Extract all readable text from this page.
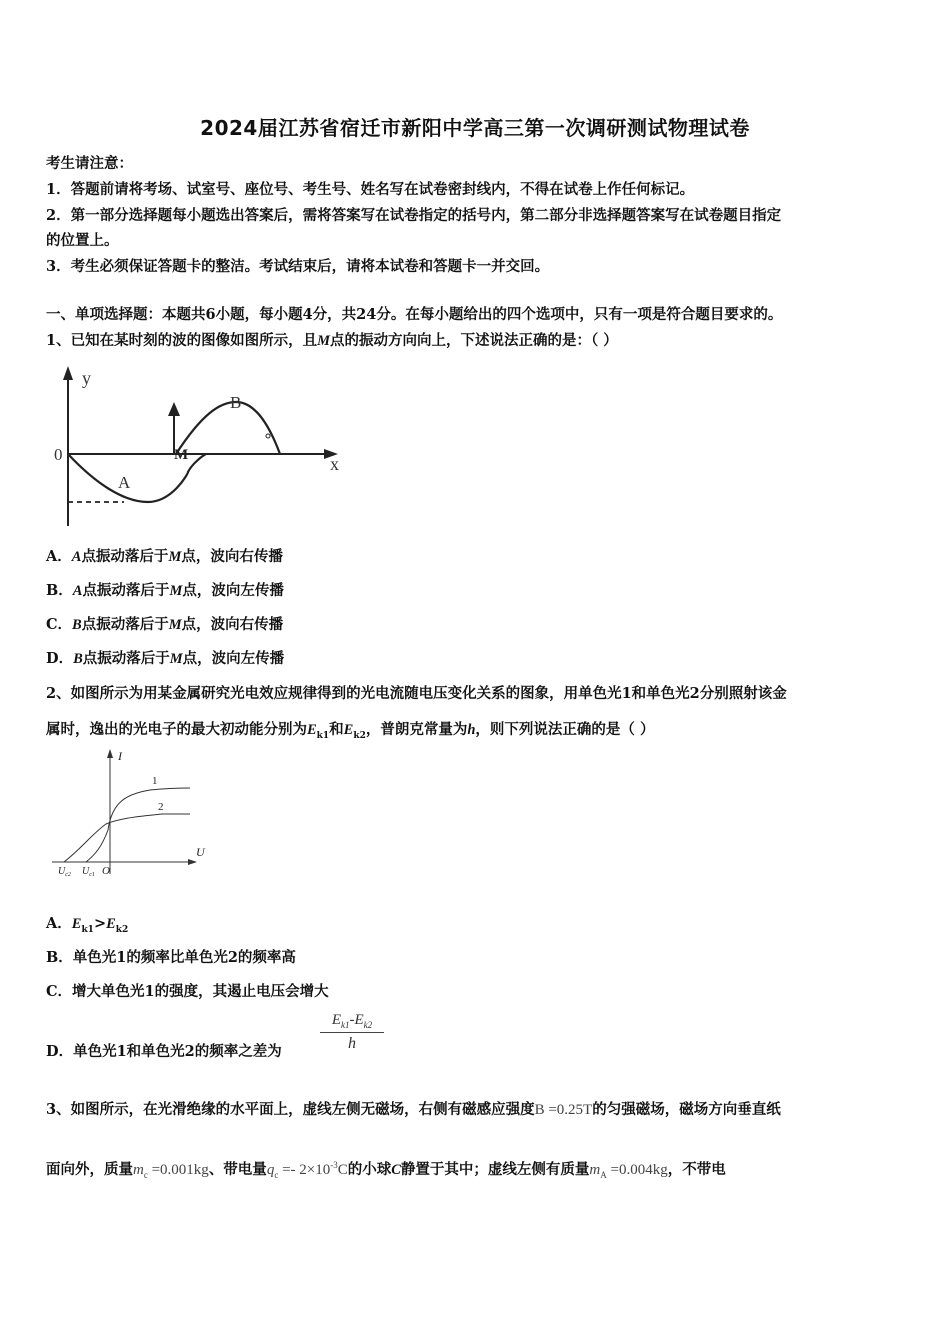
2024届江苏省宿迁市新阳中学高三第一次调研测试物理试卷
考生请注意：
1．答题前请将考场、试室号、座位号、考生号、姓名写在试卷密封线内，不得在试卷上作任何标记。
2．第一部分选择题每小题选出答案后，需将答案写在试卷指定的括号内，第二部分非选择题答案写在试卷题目指定
的位置上。
3．考生必须保证答题卡的整洁。考试结束后，请将本试卷和答题卡一并交回。
一、单项选择题：本题共6小题，每小题4分，共24分。在每小题给出的四个选项中，只有一项是符合题目要求的。
1、已知在某时刻的波的图像如图所示，且M点的振动方向向上，下述说法正确的是：（ ）
y
x
0
A
B
M
A．A点振动落后于M点，波向右传播
B．A点振动落后于M点，波向左传播
C．B点振动落后于M点，波向右传播
D．B点振动落后于M点，波向左传播
2、如图所示为用某金属研究光电效应规律得到的光电流随电压变化关系的图象，用单色光1和单色光2分别照射该金
属时，逸出的光电子的最大初动能分别为$E_{k1}$和$E_{k2}$，普朗克常量为h，则下列说法正确的是（ ）
I
U
O
$U_{c2}$ $U_{c1}$
1
2
A．$E_{k1}>E_{k2}$
B．单色光1的频率比单色光2的频率高
C．增大单色光1的强度，其遏止电压会增大
D．单色光1和单色光2的频率之差为	$\frac{E_{k1}-E_{k2}}{h}$
3、如图所示，在光滑绝缘的水平面上，虚线左侧无磁场，右侧有磁感应强度B =0.25T的匀强磁场，磁场方向垂直纸
面向外，质量$m_c =0.001kg$、带电量$q_c =- 2\times 10^{-3}C$的小球C静置于其中；虚线左侧有质量$m_A =0.004kg$，不带电
